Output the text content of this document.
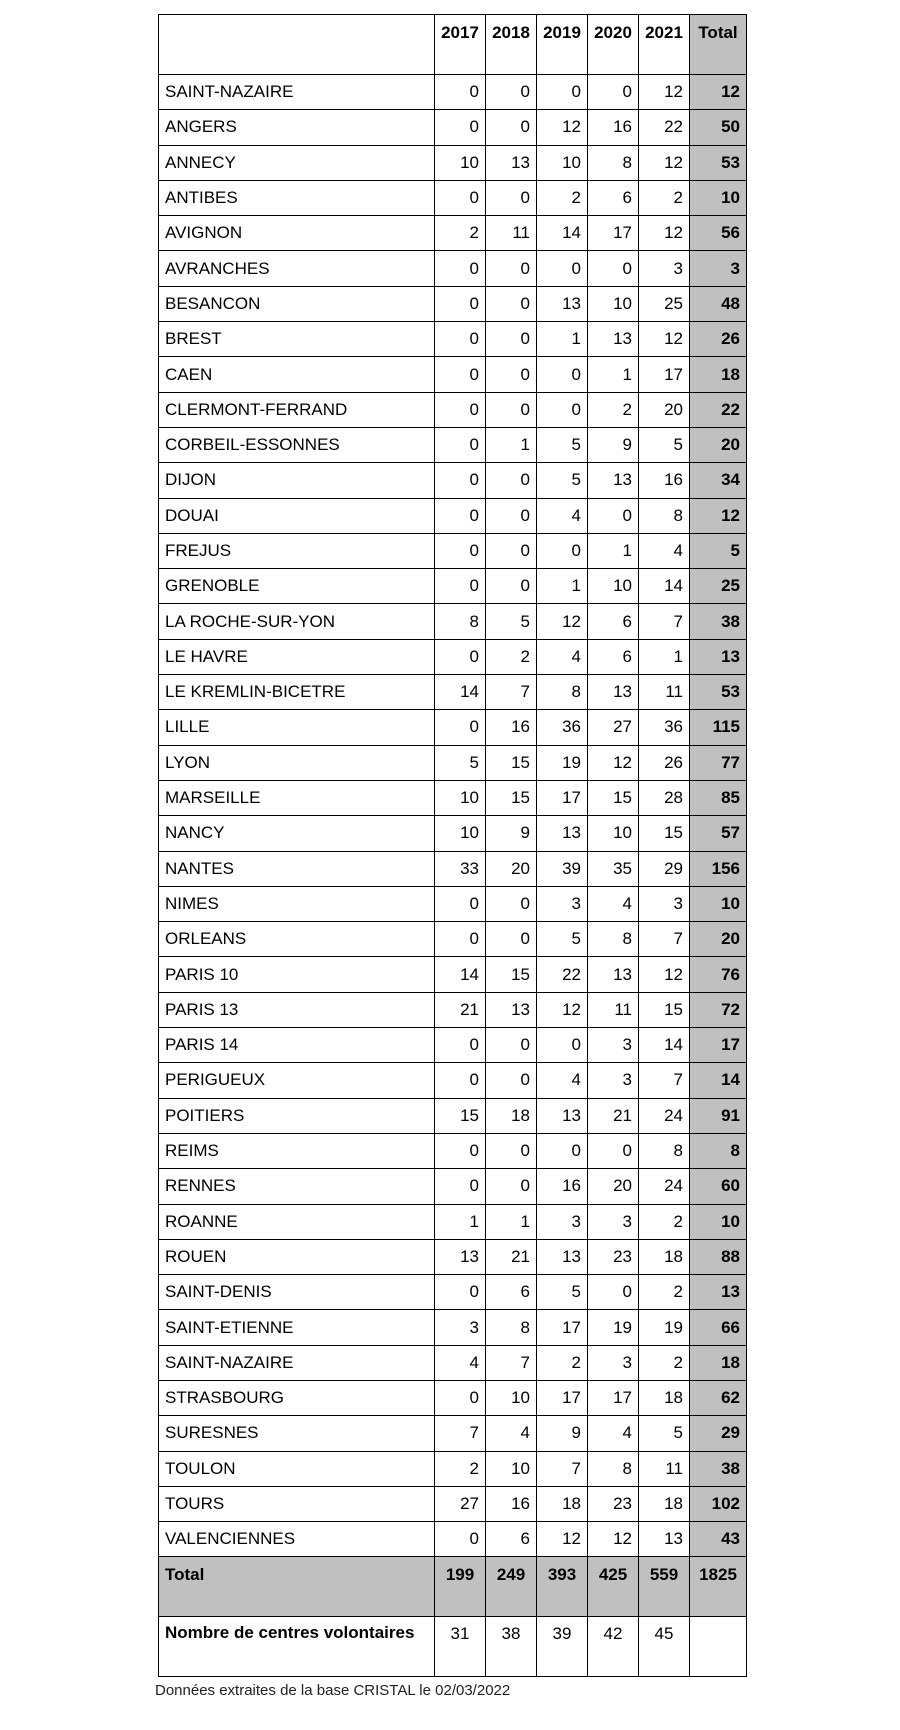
	2017	2018	2019	2020	2021	Total
SAINT-NAZAIRE	0	0	0	0	12	12
ANGERS	0	0	12	16	22	50
ANNECY	10	13	10	8	12	53
ANTIBES	0	0	2	6	2	10
AVIGNON	2	11	14	17	12	56
AVRANCHES	0	0	0	0	3	3
BESANCON	0	0	13	10	25	48
BREST	0	0	1	13	12	26
CAEN	0	0	0	1	17	18
CLERMONT-FERRAND	0	0	0	2	20	22
CORBEIL-ESSONNES	0	1	5	9	5	20
DIJON	0	0	5	13	16	34
DOUAI	0	0	4	0	8	12
FREJUS	0	0	0	1	4	5
GRENOBLE	0	0	1	10	14	25
LA ROCHE-SUR-YON	8	5	12	6	7	38
LE HAVRE	0	2	4	6	1	13
LE KREMLIN-BICETRE	14	7	8	13	11	53
LILLE	0	16	36	27	36	115
LYON	5	15	19	12	26	77
MARSEILLE	10	15	17	15	28	85
NANCY	10	9	13	10	15	57
NANTES	33	20	39	35	29	156
NIMES	0	0	3	4	3	10
ORLEANS	0	0	5	8	7	20
PARIS 10	14	15	22	13	12	76
PARIS 13	21	13	12	11	15	72
PARIS 14	0	0	0	3	14	17
PERIGUEUX	0	0	4	3	7	14
POITIERS	15	18	13	21	24	91
REIMS	0	0	0	0	8	8
RENNES	0	0	16	20	24	60
ROANNE	1	1	3	3	2	10
ROUEN	13	21	13	23	18	88
SAINT-DENIS	0	6	5	0	2	13
SAINT-ETIENNE	3	8	17	19	19	66
SAINT-NAZAIRE	4	7	2	3	2	18
STRASBOURG	0	10	17	17	18	62
SURESNES	7	4	9	4	5	29
TOULON	2	10	7	8	11	38
TOURS	27	16	18	23	18	102
VALENCIENNES	0	6	12	12	13	43
Total	199	249	393	425	559	1825
Nombre de centres volontaires	31	38	39	42	45	
Données extraites de la base CRISTAL le 02/03/2022
